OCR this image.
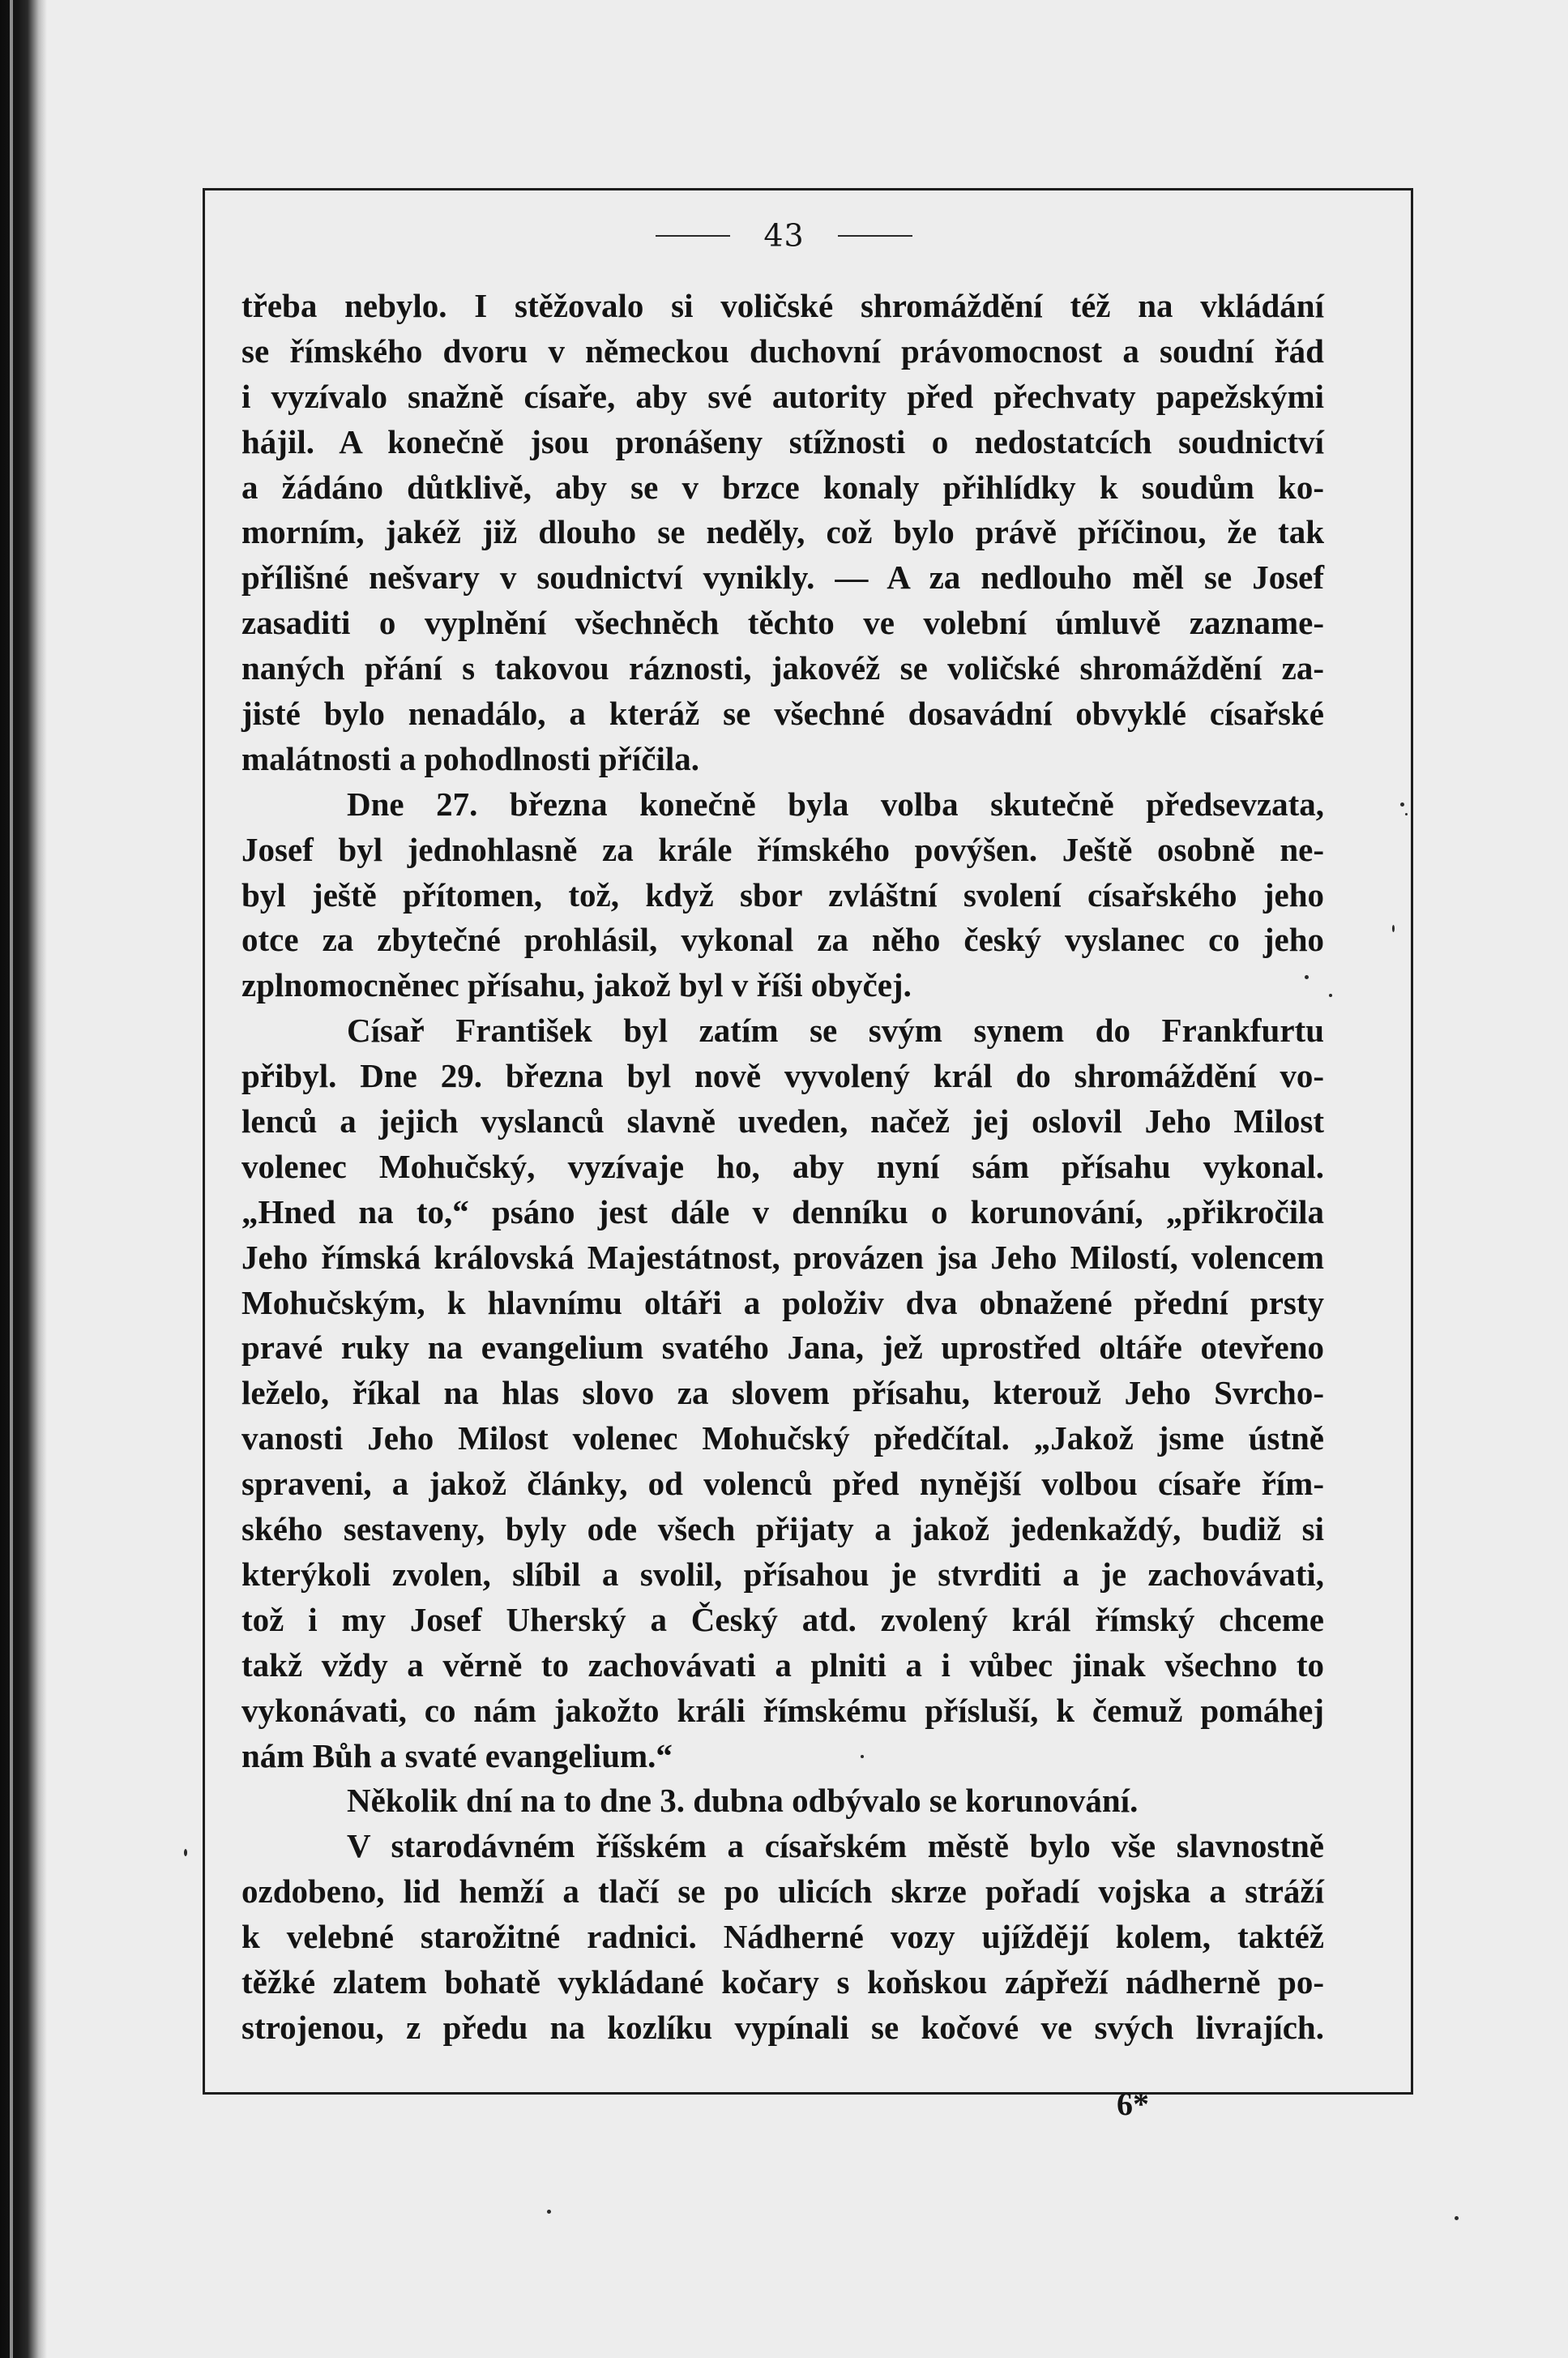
43
třeba nebylo. I stěžovalo si voličské shromáždění též na vkládání
se římského dvoru v německou duchovní právomocnost a soudní řád
i vyzívalo snažně císaře, aby své autority před přechvaty papežskými
hájil. A konečně jsou pronášeny stížnosti o nedostatcích soudnictví
a žádáno důtklivě, aby se v brzce konaly přihlídky k soudům ko-
morním, jakéž již dlouho se neděly, což bylo právě příčinou, že tak
přílišné nešvary v soudnictví vynikly. — A za nedlouho měl se Josef
zasaditi o vyplnění všechněch těchto ve volební úmluvě zazname-
naných přání s takovou ráznosti, jakovéž se voličské shromáždění za-
jisté bylo nenadálo, a kteráž se všechné dosavádní obvyklé císařské
malátnosti a pohodlnosti příčila.
Dne 27. března konečně byla volba skutečně předsevzata,
Josef byl jednohlasně za krále římského povýšen. Ještě osobně ne-
byl ještě přítomen, tož, když sbor zvláštní svolení císařského jeho
otce za zbytečné prohlásil, vykonal za něho český vyslanec co jeho
zplnomocněnec přísahu, jakož byl v říši obyčej.
Císař František byl zatím se svým synem do Frankfurtu
přibyl. Dne 29. března byl nově vyvolený král do shromáždění vo-
lenců a jejich vyslanců slavně uveden, načež jej oslovil Jeho Milost
volenec Mohučský, vyzívaje ho, aby nyní sám přísahu vykonal.
„Hned na to,“ psáno jest dále v denníku o korunování, „přikročila
Jeho římská královská Majestátnost, provázen jsa Jeho Milostí, volencem
Mohučským, k hlavnímu oltáři a položiv dva obnažené přední prsty
pravé ruky na evangelium svatého Jana, jež uprostřed oltáře otevřeno
leželo, říkal na hlas slovo za slovem přísahu, kterouž Jeho Svrcho-
vanosti Jeho Milost volenec Mohučský předčítal. „Jakož jsme ústně
spraveni, a jakož články, od volenců před nynější volbou císaře řím-
ského sestaveny, byly ode všech přijaty a jakož jedenkaždý, budiž si
kterýkoli zvolen, slíbil a svolil, přísahou je stvrditi a je zachovávati,
tož i my Josef Uherský a Český atd. zvolený král římský chceme
takž vždy a věrně to zachovávati a plniti a i vůbec jinak všechno to
vykonávati, co nám jakožto králi římskému přísluší, k čemuž pomáhej
nám Bůh a svaté evangelium.“
Několik dní na to dne 3. dubna odbývalo se korunování.
V starodávném říšském a císařském městě bylo vše slavnostně
ozdobeno, lid hemží a tlačí se po ulicích skrze pořadí vojska a stráží
k velebné starožitné radnici. Nádherné vozy ujíždějí kolem, taktéž
těžké zlatem bohatě vykládané kočary s koňskou zápřeží nádherně po-
strojenou, z předu na kozlíku vypínali se kočové ve svých livrajích.
6*
